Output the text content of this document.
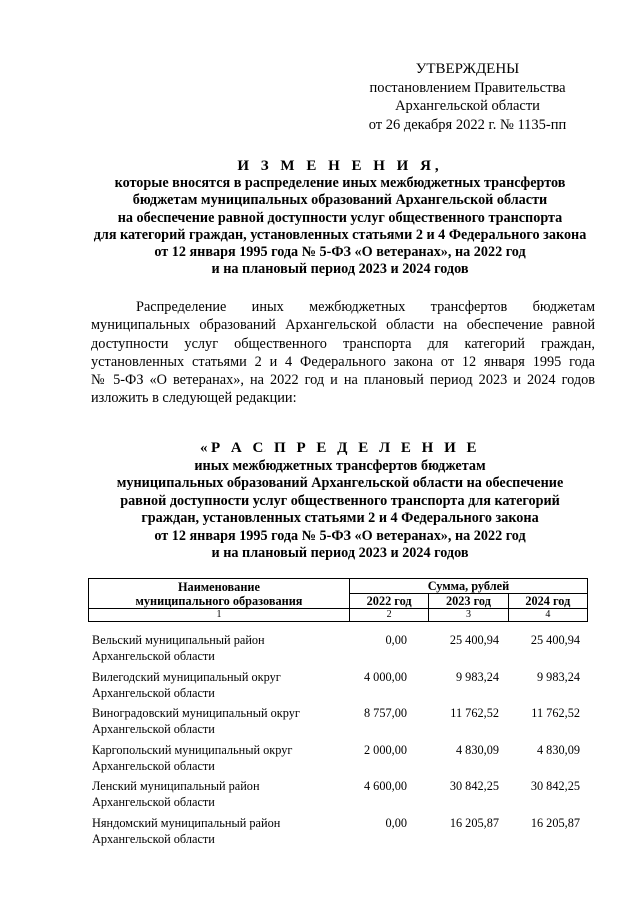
УТВЕРЖДЕНЫ
постановлением Правительства
Архангельской области
от 26 декабря 2022 г. № 1135-пп
И З М Е Н Е Н И Я,
которые вносятся в распределение иных межбюджетных трансфертов
бюджетам муниципальных образований Архангельской области
на обеспечение равной доступности услуг общественного транспорта
для категорий граждан, установленных статьями 2 и 4 Федерального закона
от 12 января 1995 года № 5-ФЗ «О ветеранах», на 2022 год
и на плановый период 2023 и 2024 годов
Распределение иных межбюджетных трансфертов бюджетам
муниципальных образований Архангельской области на обеспечение равной
доступности услуг общественного транспорта для категорий граждан,
установленных статьями 2 и 4 Федерального закона от 12 января 1995 года
№ 5-ФЗ «О ветеранах», на 2022 год и на плановый период 2023 и 2024 годов
изложить в следующей редакции:
«Р А С П Р Е Д Е Л Е Н И Е
иных межбюджетных трансфертов бюджетам
муниципальных образований Архангельской области на обеспечение
равной доступности услуг общественного транспорта для категорий
граждан, установленных статьями 2 и 4 Федерального закона
от 12 января 1995 года № 5-ФЗ «О ветеранах», на 2022 год
и на плановый период 2023 и 2024 годов
Наименование
муниципального образования	Сумма, рублей		
	2022 год	2023 год	2024 год
1	2	3	4
Вельский муниципальный район
Архангельской области
0,00	25 400,94	25 400,94
Вилегодский муниципальный округ
Архангельской области
4 000,00	9 983,24	9 983,24
Виноградовский муниципальный округ
Архангельской области
8 757,00	11 762,52	11 762,52
Каргопольский муниципальный округ
Архангельской области
2 000,00	4 830,09	4 830,09
Ленский муниципальный район
Архангельской области
4 600,00	30 842,25	30 842,25
Няндомский муниципальный район
Архангельской области
0,00	16 205,87	16 205,87
